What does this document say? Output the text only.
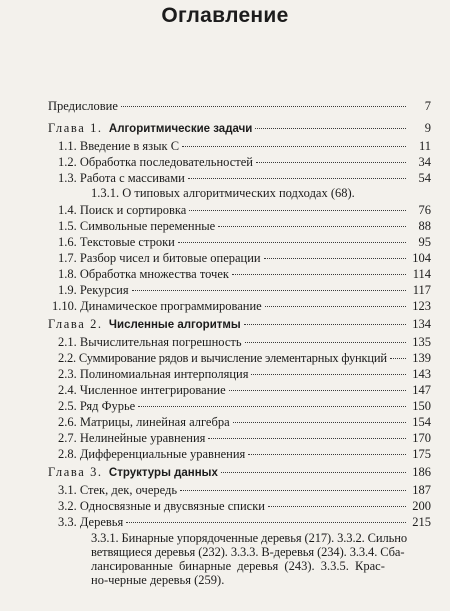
Оглавление
Предисловие	7
Глава 1. Алгоритмические задачи	9
1.1. Введение в язык С	11
1.2. Обработка последовательностей	34
1.3. Работа с массивами	54
1.3.1. О типовых алгоритмических подходах (68).
1.4. Поиск и сортировка	76
1.5. Символьные переменные	88
1.6. Текстовые строки	95
1.7. Разбор чисел и битовые операции	104
1.8. Обработка множества точек	114
1.9. Рекурсия	117
1.10. Динамическое программирование	123
Глава 2. Численные алгоритмы	134
2.1. Вычислительная погрешность	135
2.2. Суммирование рядов и вычисление элементарных функций 139
2.3. Полиномиальная интерполяция	143
2.4. Численное интегрирование	147
2.5. Ряд Фурье	150
2.6. Матрицы, линейная алгебра	154
2.7. Нелинейные уравнения	170
2.8. Дифференциальные уравнения	175
Глава 3. Структуры данных	186
3.1. Стек, дек, очередь	187
3.2. Односвязные и двусвязные списки	200
3.3. Деревья	215
3.3.1. Бинарные упорядоченные деревья (217). 3.3.2. Сильно
ветвящиеся деревья (232). 3.3.3. В-деревья (234). 3.3.4. Сба-
лансированные бинарные деревья (243). 3.3.5. Крас-
но-черные деревья (259).
